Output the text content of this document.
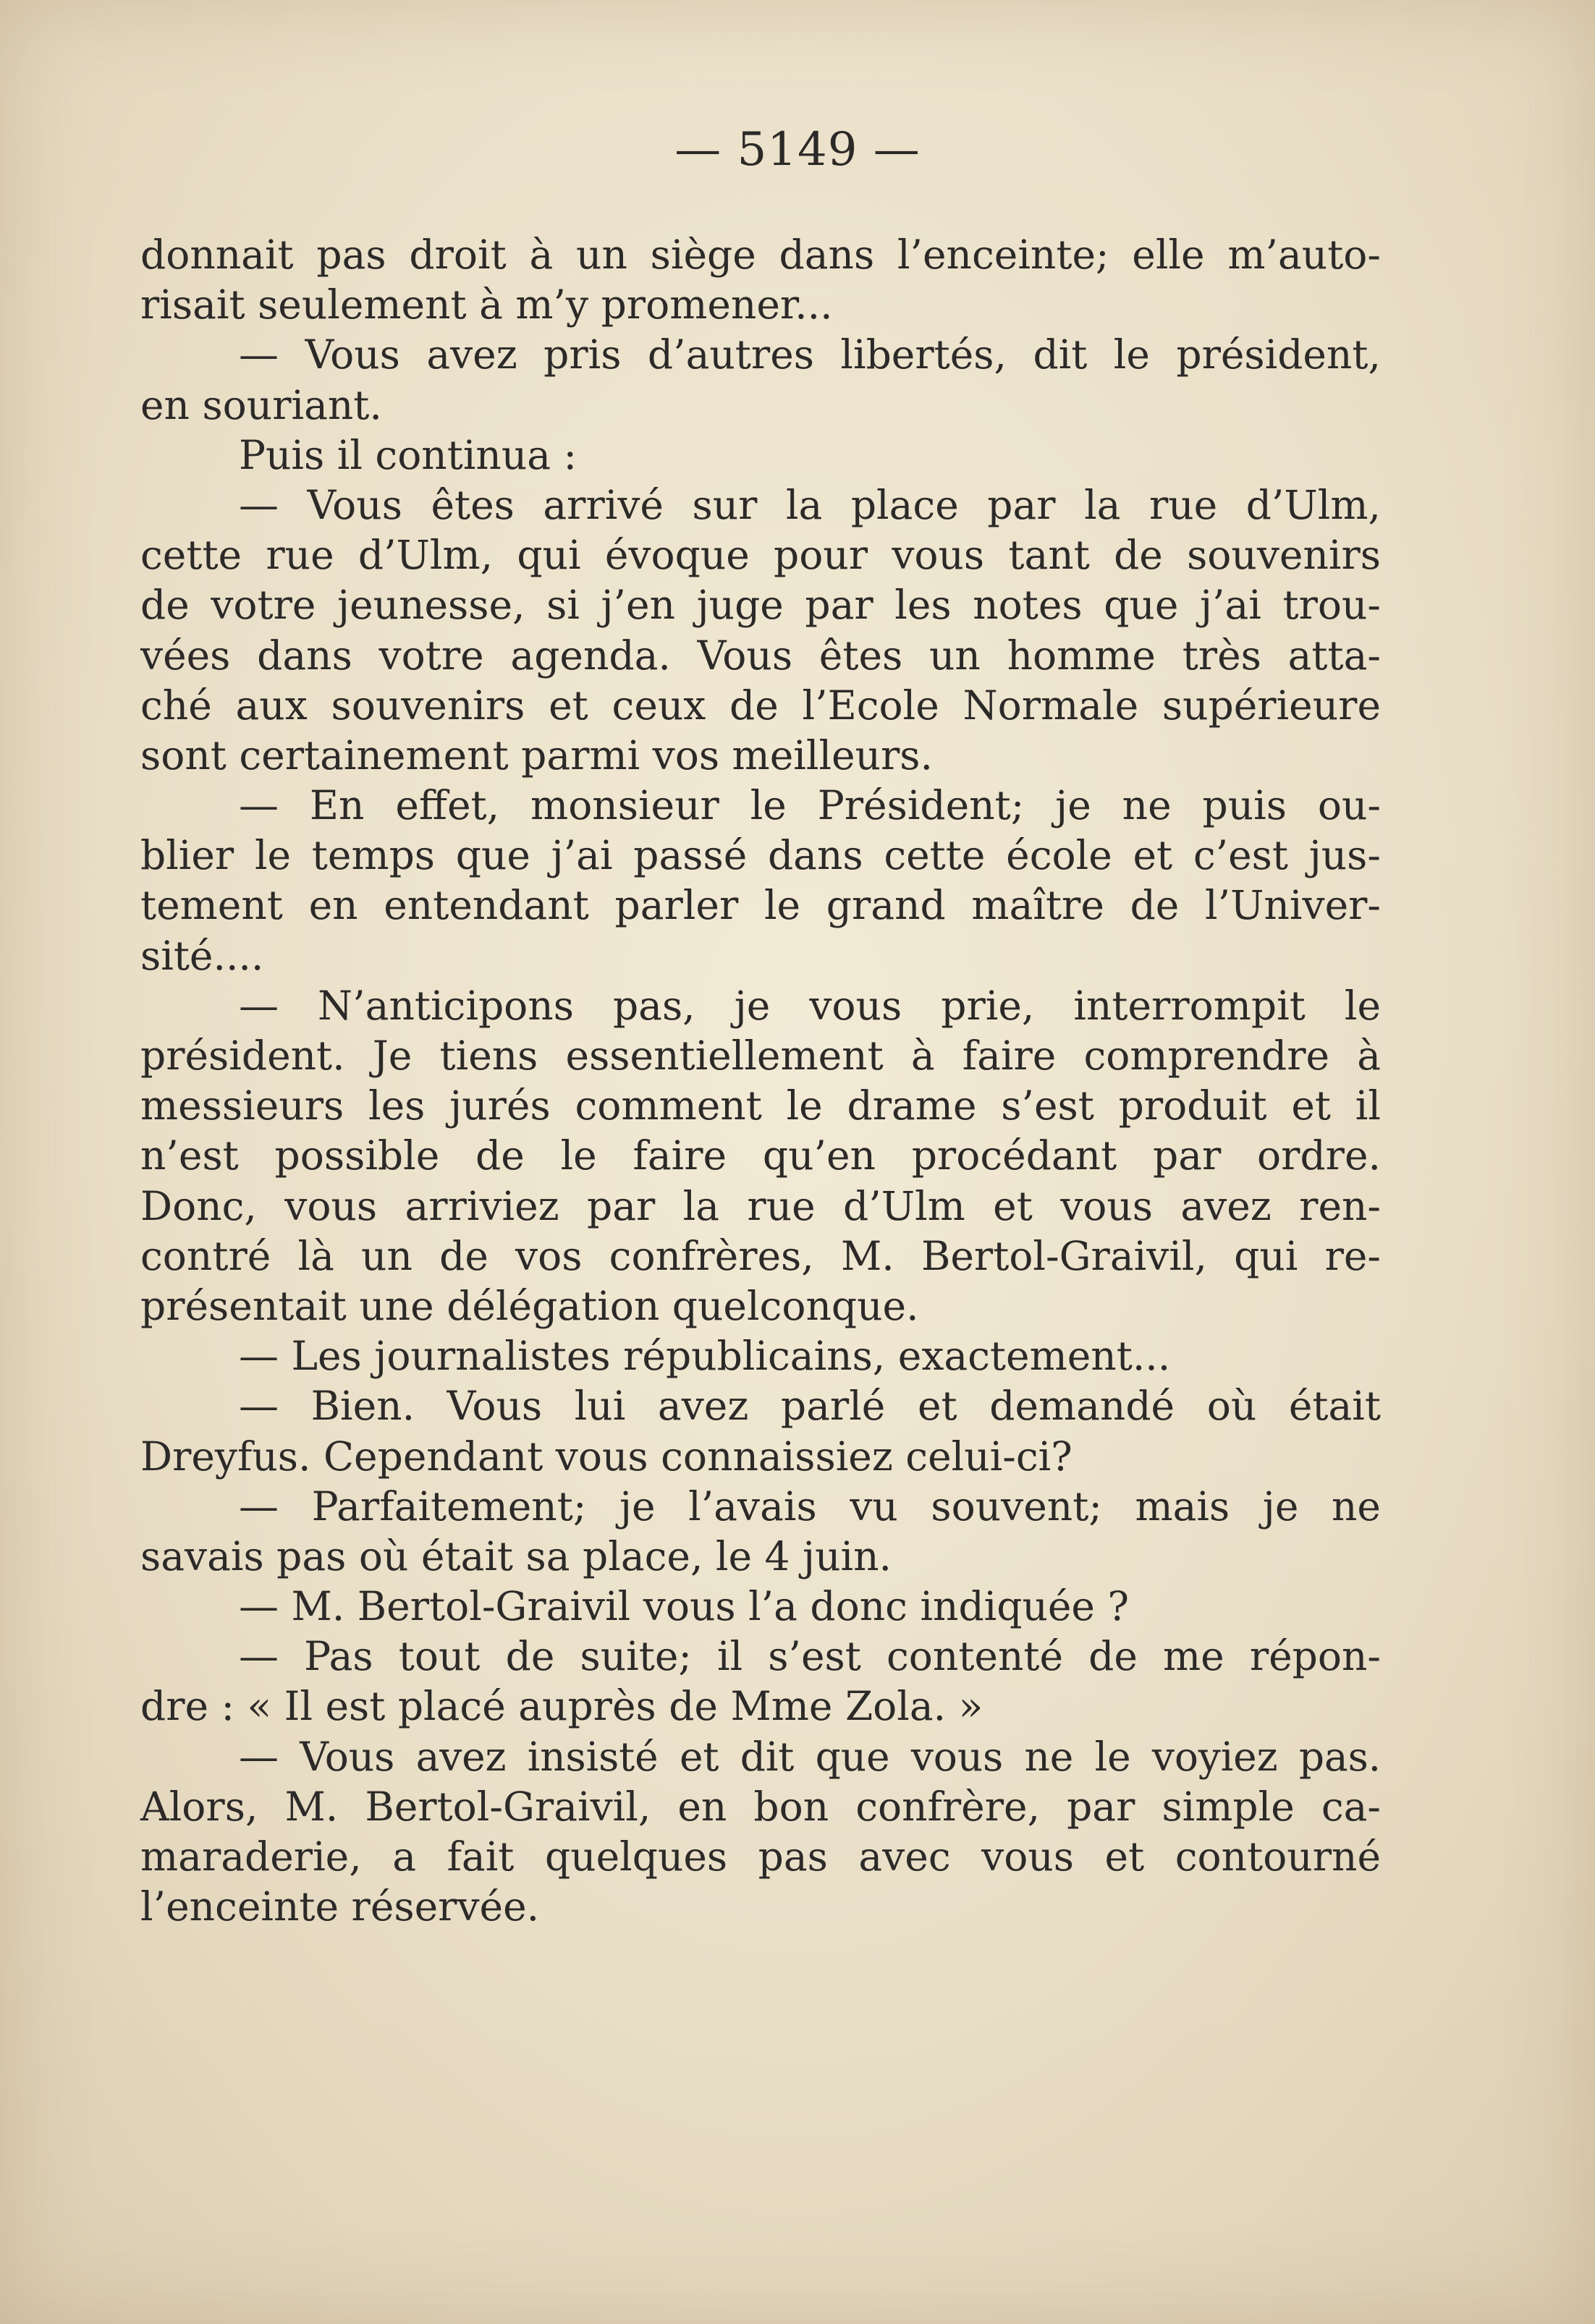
— 5149 —
donnait pas droit à un siège dans l’enceinte; elle m’auto-
risait seulement à m’y promener...
— Vous avez pris d’autres libertés, dit le président,
en souriant.
Puis il continua :
— Vous êtes arrivé sur la place par la rue d’Ulm,
cette rue d’Ulm, qui évoque pour vous tant de souvenirs
de votre jeunesse, si j’en juge par les notes que j’ai trou-
vées dans votre agenda. Vous êtes un homme très atta-
ché aux souvenirs et ceux de l’Ecole Normale supérieure
sont certainement parmi vos meilleurs.
— En effet, monsieur le Président; je ne puis ou-
blier le temps que j’ai passé dans cette école et c’est jus-
tement en entendant parler le grand maître de l’Univer-
sité....
— N’anticipons pas, je vous prie, interrompit le
président. Je tiens essentiellement à faire comprendre à
messieurs les jurés comment le drame s’est produit et il
n’est possible de le faire qu’en procédant par ordre.
Donc, vous arriviez par la rue d’Ulm et vous avez ren-
contré là un de vos confrères, M. Bertol-Graivil, qui re-
présentait une délégation quelconque.
— Les journalistes républicains, exactement...
— Bien. Vous lui avez parlé et demandé où était
Dreyfus. Cependant vous connaissiez celui-ci?
— Parfaitement; je l’avais vu souvent; mais je ne
savais pas où était sa place, le 4 juin.
— M. Bertol-Graivil vous l’a donc indiquée ?
— Pas tout de suite; il s’est contenté de me répon-
dre : « Il est placé auprès de Mme Zola. »
— Vous avez insisté et dit que vous ne le voyiez pas.
Alors, M. Bertol-Graivil, en bon confrère, par simple ca-
maraderie, a fait quelques pas avec vous et contourné
l’enceinte réservée.
